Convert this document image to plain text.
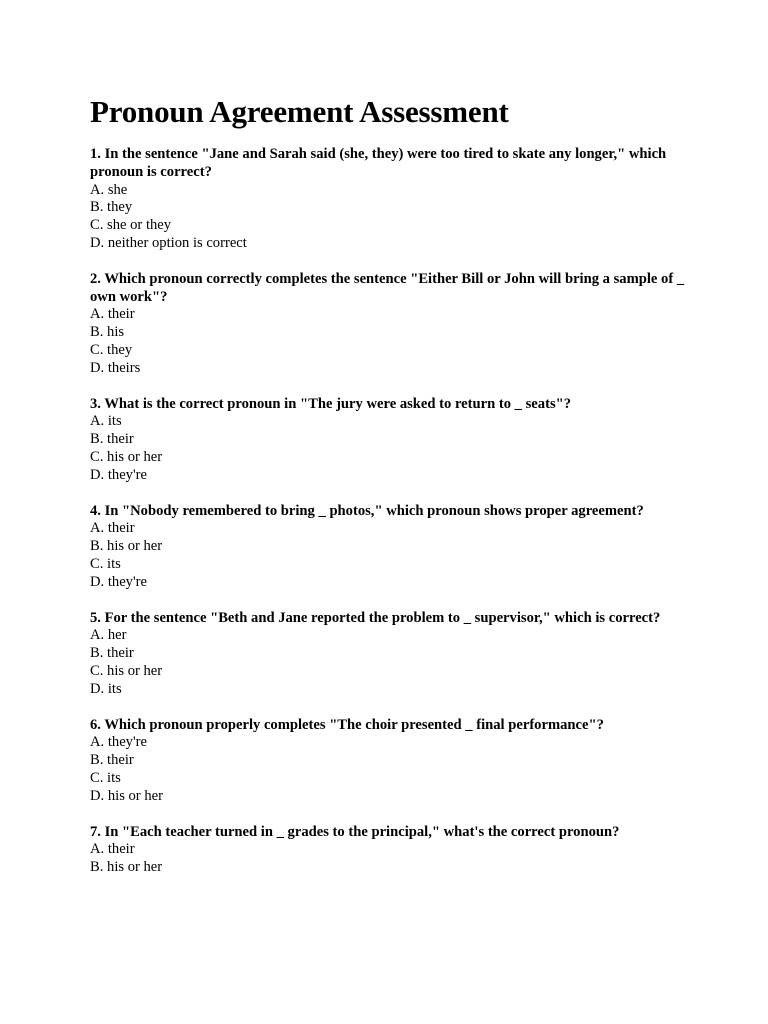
Pronoun Agreement Assessment

1. In the sentence "Jane and Sarah said (she, they) were too tired to skate any longer," which pronoun is correct?

A. she

B. they

C. she or they

D. neither option is correct

2. Which pronoun correctly completes the sentence "Either Bill or John will bring a sample of _ own work"?

A. their

B. his

C. they

D. theirs

3. What is the correct pronoun in "The jury were asked to return to _ seats"?

A. its

B. their

C. his or her

D. they're

4. In "Nobody remembered to bring _ photos," which pronoun shows proper agreement?

A. their

B. his or her

C. its

D. they're

5. For the sentence "Beth and Jane reported the problem to _ supervisor," which is correct?

A. her

B. their

C. his or her

D. its

6. Which pronoun properly completes "The choir presented _ final performance"?

A. they're

B. their

C. its

D. his or her

7. In "Each teacher turned in _ grades to the principal," what's the correct pronoun?

A. their

B. his or her
